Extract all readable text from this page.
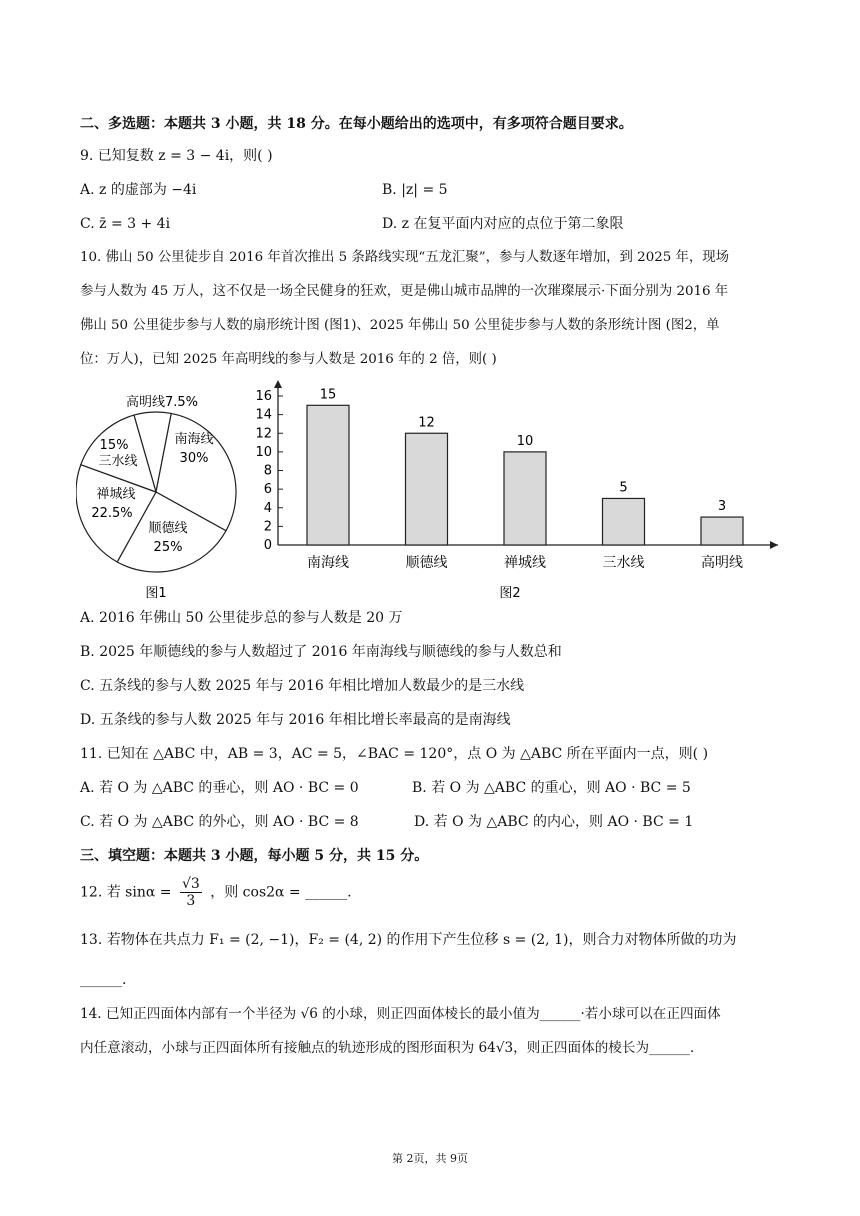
二、多选题：本题共 3 小题，共 18 分。在每小题给出的选项中，有多项符合题目要求。
9. 已知复数 z = 3 − 4i，则( )
A. z 的虚部为 −4i	B. |z| = 5
C. z̄ = 3 + 4i	D. z 在复平面内对应的点位于第二象限
10. 佛山 50 公里徒步自 2016 年首次推出 5 条路线实现“五龙汇聚”，参与人数逐年增加，到 2025 年，现场
参与人数为 45 万人，这不仅是一场全民健身的狂欢，更是佛山城市品牌的一次璀璨展示·下面分别为 2016 年
佛山 50 公里徒步参与人数的扇形统计图 (图1)、2025 年佛山 50 公里徒步参与人数的条形统计图 (图2，单
位：万人)，已知 2025 年高明线的参与人数是 2016 年的 2 倍，则( )
高明线7.5%
南海线
30%
顺德线
25%
禅城线
22.5%
15%
三水线
图1
0
2
4
6
8
10
12
14
16	15
南海线
12
顺德线
10
禅城线
5
三水线
3
高明线
图2
A. 2016 年佛山 50 公里徒步总的参与人数是 20 万
B. 2025 年顺德线的参与人数超过了 2016 年南海线与顺德线的参与人数总和
C. 五条线的参与人数 2025 年与 2016 年相比增加人数最少的是三水线
D. 五条线的参与人数 2025 年与 2016 年相比增长率最高的是南海线
11. 已知在 △ABC 中，AB = 3，AC = 5，∠BAC = 120°，点 O 为 △ABC 所在平面内一点，则( )
A. 若 O 为 △ABC 的垂心，则 AO · BC = 0	B. 若 O 为 △ABC 的重心，则 AO · BC = 5
C. 若 O 为 △ABC 的外心，则 AO · BC = 8	D. 若 O 为 △ABC 的内心，则 AO · BC = 1
三、填空题：本题共 3 小题，每小题 5 分，共 15 分。
12. 若 $\sin\alpha = \frac{√3}{3}$ ，则 cos2α = ______.
13. 若物体在共点力 F₁ = (2, −1)，F₂ = (4, 2) 的作用下产生位移 s = (2, 1)，则合力对物体所做的功为
______.
14. 已知正四面体内部有一个半径为 √6 的小球，则正四面体棱长的最小值为______·若小球可以在正四面体
内任意滚动，小球与正四面体所有接触点的轨迹形成的图形面积为 64√3，则正四面体的棱长为______.
第 2页，共 9页
